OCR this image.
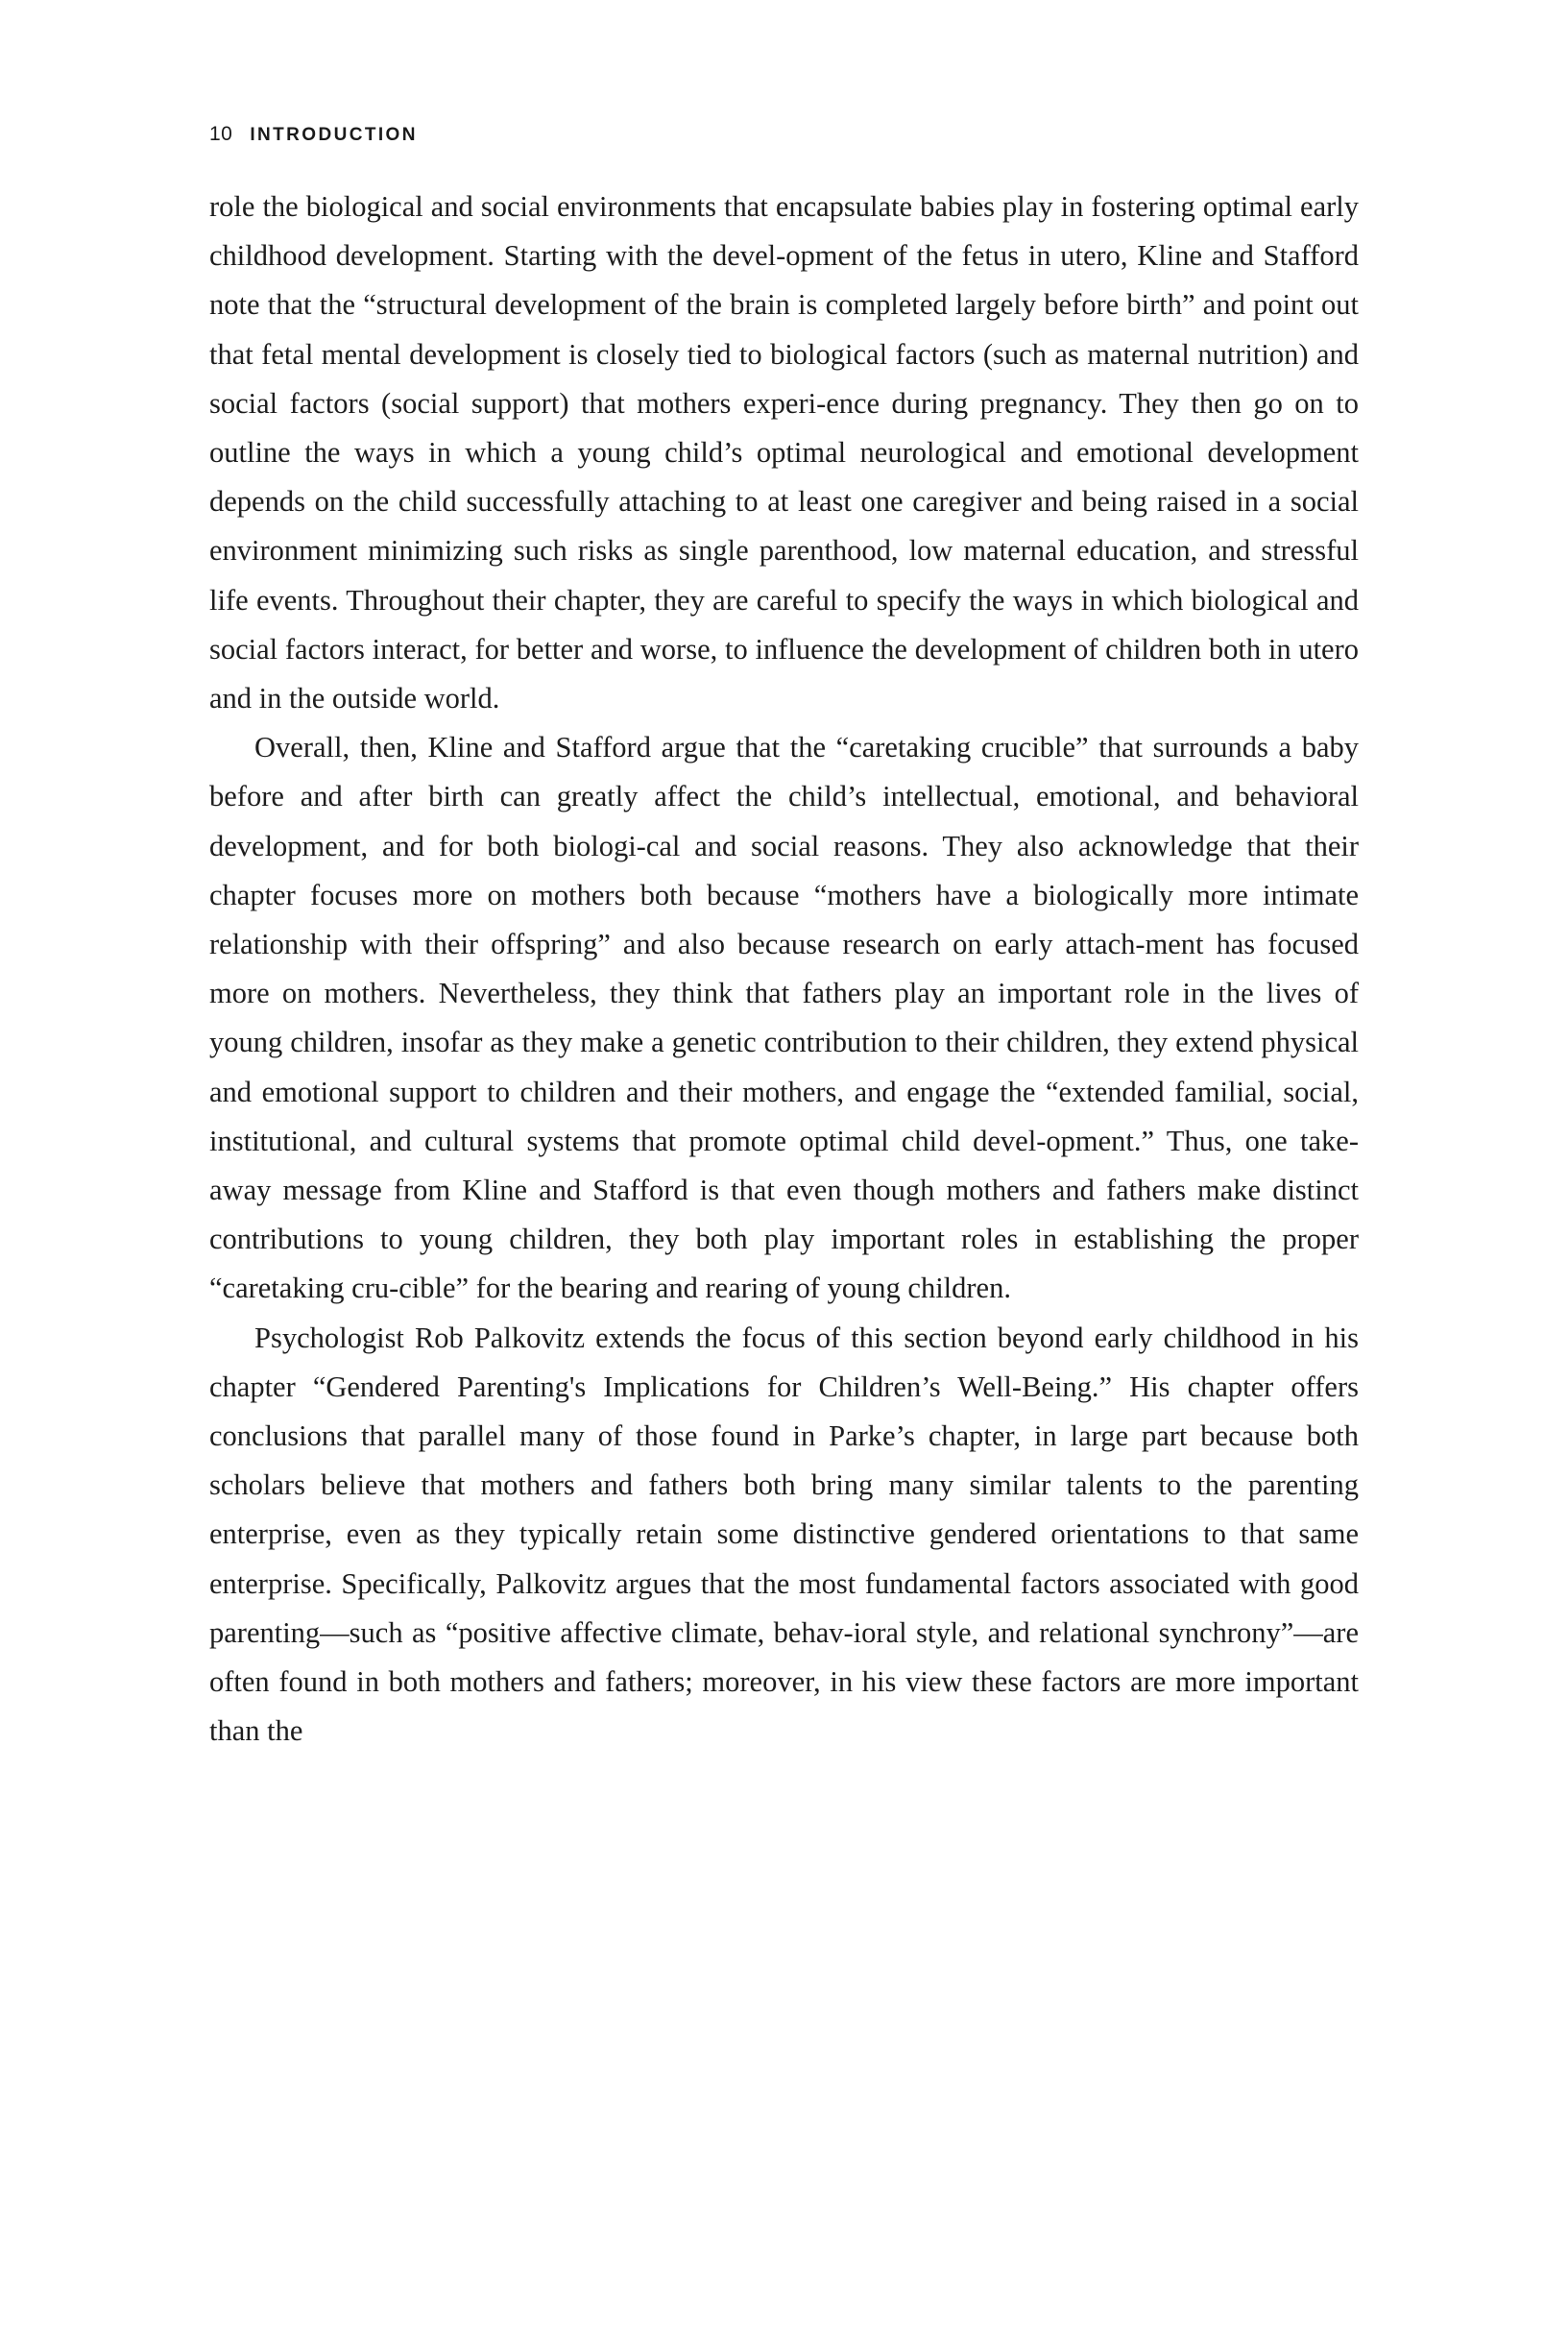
10 INTRODUCTION

role the biological and social environments that encapsulate babies play in fostering optimal early childhood development. Starting with the devel-opment of the fetus in utero, Kline and Stafford note that the “structural development of the brain is completed largely before birth” and point out that fetal mental development is closely tied to biological factors (such as maternal nutrition) and social factors (social support) that mothers experi-ence during pregnancy. They then go on to outline the ways in which a young child’s optimal neurological and emotional development depends on the child successfully attaching to at least one caregiver and being raised in a social environment minimizing such risks as single parenthood, low maternal education, and stressful life events. Throughout their chapter, they are careful to specify the ways in which biological and social factors interact, for better and worse, to influence the development of children both in utero and in the outside world.

Overall, then, Kline and Stafford argue that the “caretaking crucible” that surrounds a baby before and after birth can greatly affect the child’s intellectual, emotional, and behavioral development, and for both biologi-cal and social reasons. They also acknowledge that their chapter focuses more on mothers both because “mothers have a biologically more intimate relationship with their offspring” and also because research on early attach-ment has focused more on mothers. Nevertheless, they think that fathers play an important role in the lives of young children, insofar as they make a genetic contribution to their children, they extend physical and emotional support to children and their mothers, and engage the “extended familial, social, institutional, and cultural systems that promote optimal child devel-opment.” Thus, one take-away message from Kline and Stafford is that even though mothers and fathers make distinct contributions to young children, they both play important roles in establishing the proper “caretaking cru-cible” for the bearing and rearing of young children.

Psychologist Rob Palkovitz extends the focus of this section beyond early childhood in his chapter “Gendered Parenting's Implications for Children’s Well-Being.” His chapter offers conclusions that parallel many of those found in Parke’s chapter, in large part because both scholars believe that mothers and fathers both bring many similar talents to the parenting enterprise, even as they typically retain some distinctive gendered orientations to that same enterprise. Specifically, Palkovitz argues that the most fundamental factors associated with good parenting—such as “positive affective climate, behav-ioral style, and relational synchrony”—are often found in both mothers and fathers; moreover, in his view these factors are more important than the
